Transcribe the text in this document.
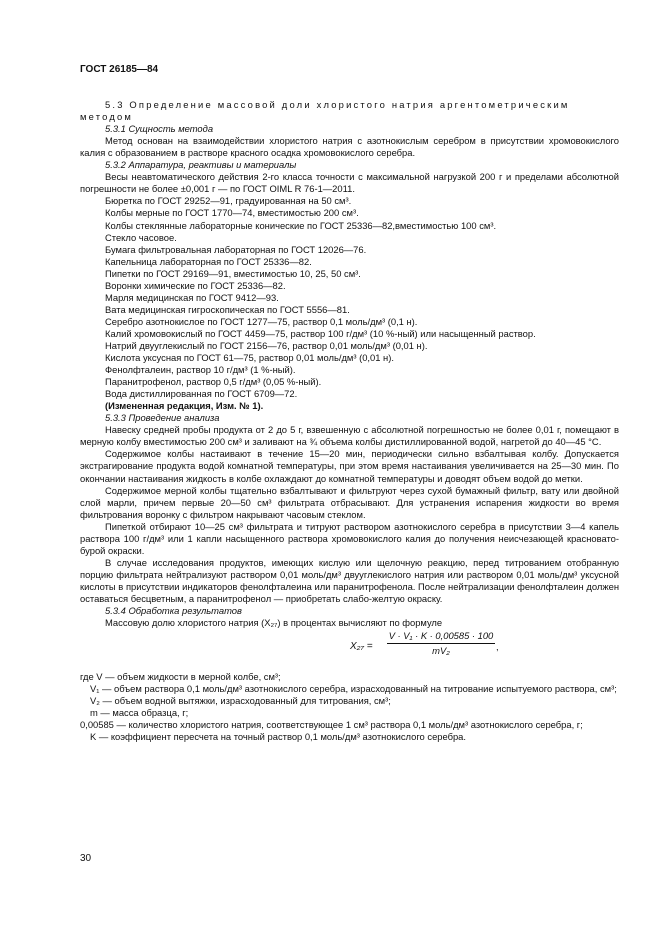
ГОСТ 26185—84

5.3 Определение массовой доли хлористого натрия аргентометрическим методом

5.3.1 Сущность метода

Метод основан на взаимодействии хлористого натрия с азотнокислым серебром в присутствии хромовокислого калия с образованием в растворе красного осадка хромовокислого серебра.

5.3.2 Аппаратура, реактивы и материалы

Весы неавтоматического действия 2-го класса точности с максимальной нагрузкой 200 г и пределами абсолютной погрешности не более ±0,001 г — по ГОСТ OIML R 76-1—2011.

Бюретка по ГОСТ 29252—91, градуированная на 50 см³.

Колбы мерные по ГОСТ 1770—74, вместимостью 200 см³.

Колбы стеклянные лабораторные конические по ГОСТ 25336—82,вместимостью 100 см³.

Стекло часовое.

Бумага фильтровальная лабораторная по ГОСТ 12026—76.

Капельница лабораторная по ГОСТ 25336—82.

Пипетки по ГОСТ 29169—91, вместимостью 10, 25, 50 см³.

Воронки химические по ГОСТ 25336—82.

Марля медицинская по ГОСТ 9412—93.

Вата медицинская гигроскопическая по ГОСТ 5556—81.

Серебро азотнокислое по ГОСТ 1277—75, раствор 0,1 моль/дм³ (0,1 н).

Калий хромовокислый по ГОСТ 4459—75, раствор 100 г/дм³ (10 %-ный) или насыщенный раствор.

Натрий двууглекислый по ГОСТ 2156—76, раствор 0,01 моль/дм³ (0,01 н).

Кислота уксусная по ГОСТ 61—75, раствор 0,01 моль/дм³ (0,01 н).

Фенолфталеин, раствор 10 г/дм³ (1 %-ный).

Паранитрофенол, раствор 0,5 г/дм³ (0,05 %-ный).

Вода дистиллированная по ГОСТ 6709—72.

(Измененная редакция, Изм. № 1).

5.3.3 Проведение анализа

Навеску средней пробы продукта от 2 до 5 г, взвешенную с абсолютной погрешностью не более 0,01 г, помещают в мерную колбу вместимостью 200 см³ и заливают на ¾ объема колбы дистиллированной водой, нагретой до 40—45 °С.

Содержимое колбы настаивают в течение 15—20 мин, периодически сильно взбалтывая колбу. Допускается экстрагирование продукта водой комнатной температуры, при этом время настаивания увеличивается на 25—30 мин. По окончании настаивания жидкость в колбе охлаждают до комнатной температуры и доводят объем водой до метки.

Содержимое мерной колбы тщательно взбалтывают и фильтруют через сухой бумажный фильтр, вату или двойной слой марли, причем первые 20—50 см³ фильтрата отбрасывают. Для устранения испарения жидкости во время фильтрования воронку с фильтром накрывают часовым стеклом.

Пипеткой отбирают 10—25 см³ фильтрата и титруют раствором азотнокислого серебра в присутствии 3—4 капель раствора 100 г/дм³ или 1 капли насыщенного раствора хромовокислого калия до получения неисчезающей красновато-бурой окраски.

В случае исследования продуктов, имеющих кислую или щелочную реакцию, перед титрованием отобранную порцию фильтрата нейтрализуют раствором 0,01 моль/дм³ двууглекислого натрия или раствором 0,01 моль/дм³ уксусной кислоты в присутствии индикаторов фенолфталеина или паранитрофенола. После нейтрализации фенолфталеин должен оставаться бесцветным, а паранитрофенол — приобретать слабо-желтую окраску.

5.3.4 Обработка результатов

Массовую долю хлористого натрия (X₂₇) в процентах вычисляют по формуле

$X_{27} = \frac{\text{V · V₁ · K · 0,00585 · 100}}{\text{mV₂}}$ ,

где V — объем жидкости в мерной колбе, см³;

V₁ — объем раствора 0,1 моль/дм³ азотнокислого серебра, израсходованный на титрование испытуемого раствора, см³;

V₂ — объем водной вытяжки, израсходованный для титрования, см³;

m — масса образца, г;

0,00585 — количество хлористого натрия, соответствующее 1 см³ раствора 0,1 моль/дм³ азотнокислого серебра, г;

K — коэффициент пересчета на точный раствор 0,1 моль/дм³ азотнокислого серебра.

30
